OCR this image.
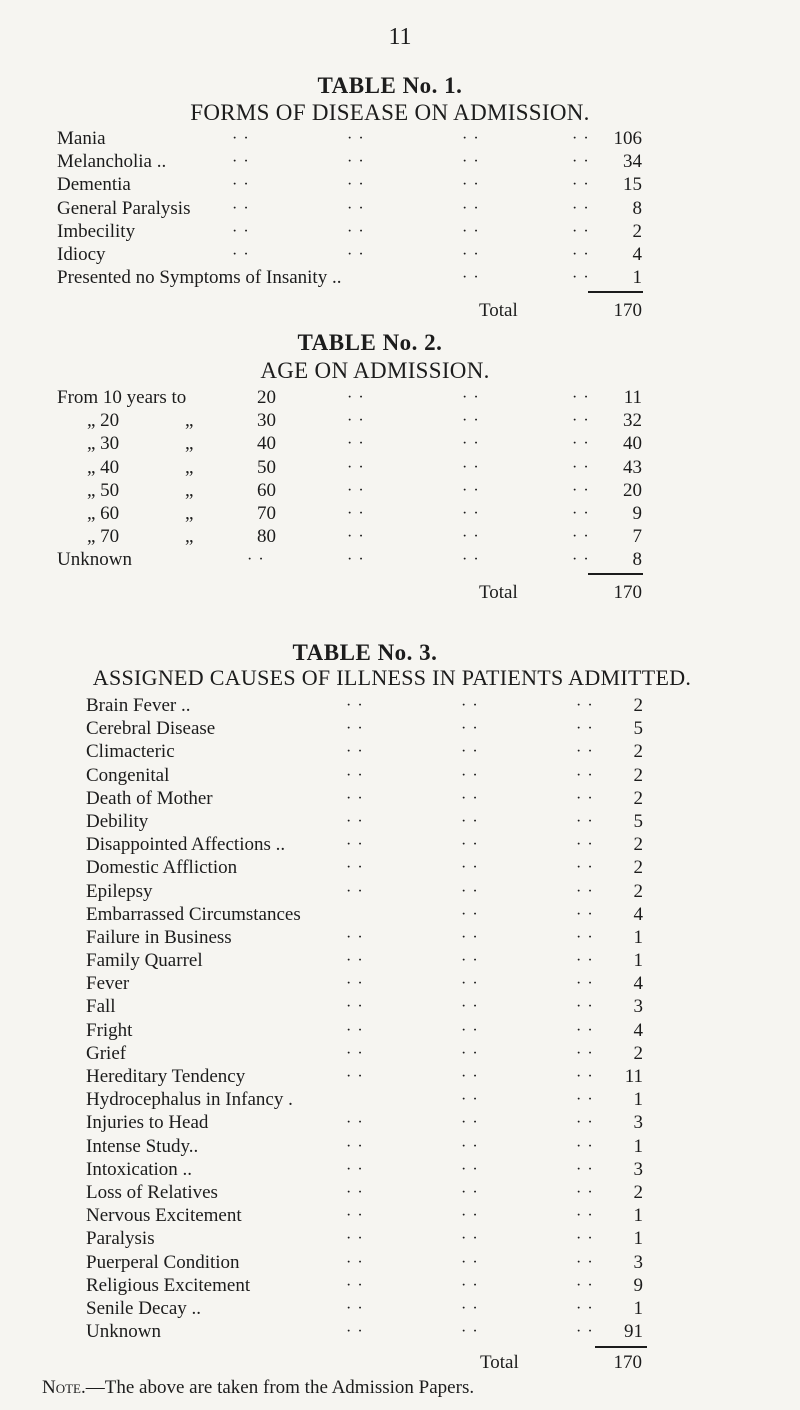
11
TABLE No. 1.
FORMS OF DISEASE ON ADMISSION.
Mania	· ·	· ·	· ·	· ·	106
Melancholia ..	· ·	· ·	· ·	· ·	34
Dementia	· ·	· ·	· ·	· ·	15
General Paralysis	· ·	· ·	· ·	· ·	8
Imbecility	· ·	· ·	· ·	· ·	2
Idiocy	· ·	· ·	· ·	· ·	4
Presented no Symptoms of Insanity ..	· ·	· ·	1
Total	170
TABLE No. 2.
AGE ON ADMISSION.
From 10 years to	20	· ·	· ·	· ·	11
„ 20	„	30	· ·	· ·	· ·	32
„ 30	„	40	· ·	· ·	· ·	40
„ 40	„	50	· ·	· ·	· ·	43
„ 50	„	60	· ·	· ·	· ·	20
„ 60	„	70	· ·	· ·	· ·	9
„ 70	„	80	· ·	· ·	· ·	7
Unknown	· ·	· ·	· ·	· ·	8
Total	170
TABLE No. 3.
ASSIGNED CAUSES OF ILLNESS IN PATIENTS ADMITTED.
Brain Fever ..	· ·	· ·	· ·	2
Cerebral Disease	· ·	· ·	· ·	5
Climacteric	· ·	· ·	· ·	2
Congenital	· ·	· ·	· ·	2
Death of Mother	· ·	· ·	· ·	2
Debility	· ·	· ·	· ·	5
Disappointed Affections ..	· ·	· ·	· ·	2
Domestic Affliction	· ·	· ·	· ·	2
Epilepsy	· ·	· ·	· ·	2
Embarrassed Circumstances	· ·	· ·	4
Failure in Business	· ·	· ·	· ·	1
Family Quarrel	· ·	· ·	· ·	1
Fever	· ·	· ·	· ·	4
Fall	· ·	· ·	· ·	3
Fright	· ·	· ·	· ·	4
Grief	· ·	· ·	· ·	2
Hereditary Tendency	· ·	· ·	· ·	11
Hydrocephalus in Infancy .	· ·	· ·	1
Injuries to Head	· ·	· ·	· ·	3
Intense Study..	· ·	· ·	· ·	1
Intoxication ..	· ·	· ·	· ·	3
Loss of Relatives	· ·	· ·	· ·	2
Nervous Excitement	· ·	· ·	· ·	1
Paralysis	· ·	· ·	· ·	1
Puerperal Condition	· ·	· ·	· ·	3
Religious Excitement	· ·	· ·	· ·	9
Senile Decay ..	· ·	· ·	· ·	1
Unknown	· ·	· ·	· ·	91
Total	170
Note.—The above are taken from the Admission Papers.
